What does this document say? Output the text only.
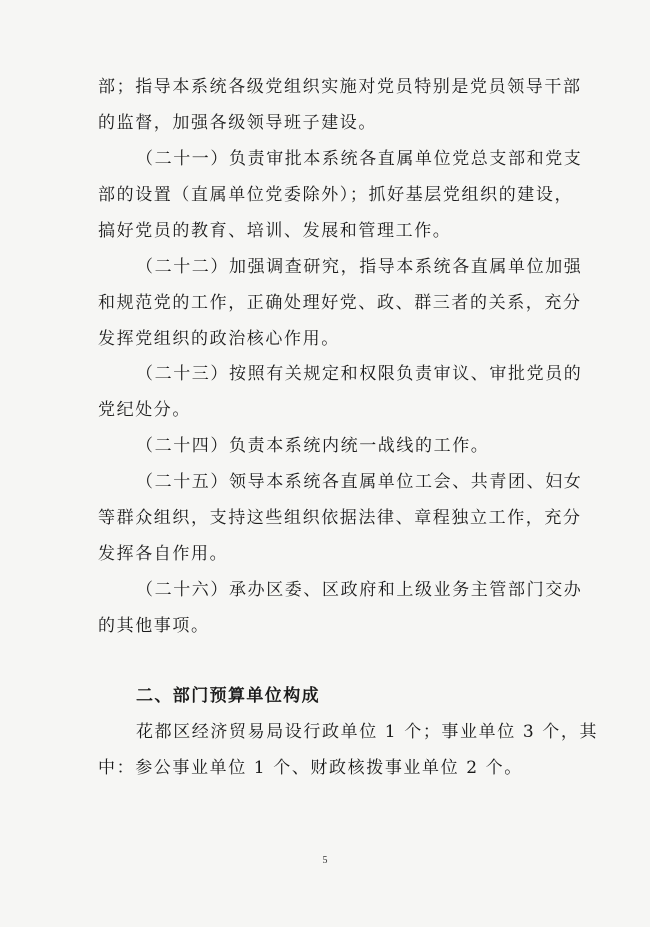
部；指导本系统各级党组织实施对党员特别是党员领导干部
的监督，加强各级领导班子建设。
（二十一）负责审批本系统各直属单位党总支部和党支
部的设置（直属单位党委除外）；抓好基层党组织的建设，
搞好党员的教育、培训、发展和管理工作。
（二十二）加强调查研究，指导本系统各直属单位加强
和规范党的工作，正确处理好党、政、群三者的关系，充分
发挥党组织的政治核心作用。
（二十三）按照有关规定和权限负责审议、审批党员的
党纪处分。
（二十四）负责本系统内统一战线的工作。
（二十五）领导本系统各直属单位工会、共青团、妇女
等群众组织，支持这些组织依据法律、章程独立工作，充分
发挥各自作用。
（二十六）承办区委、区政府和上级业务主管部门交办
的其他事项。
二、部门预算单位构成
花都区经济贸易局设行政单位 1 个；事业单位 3 个，其
中：参公事业单位 1 个、财政核拨事业单位 2 个。
5
